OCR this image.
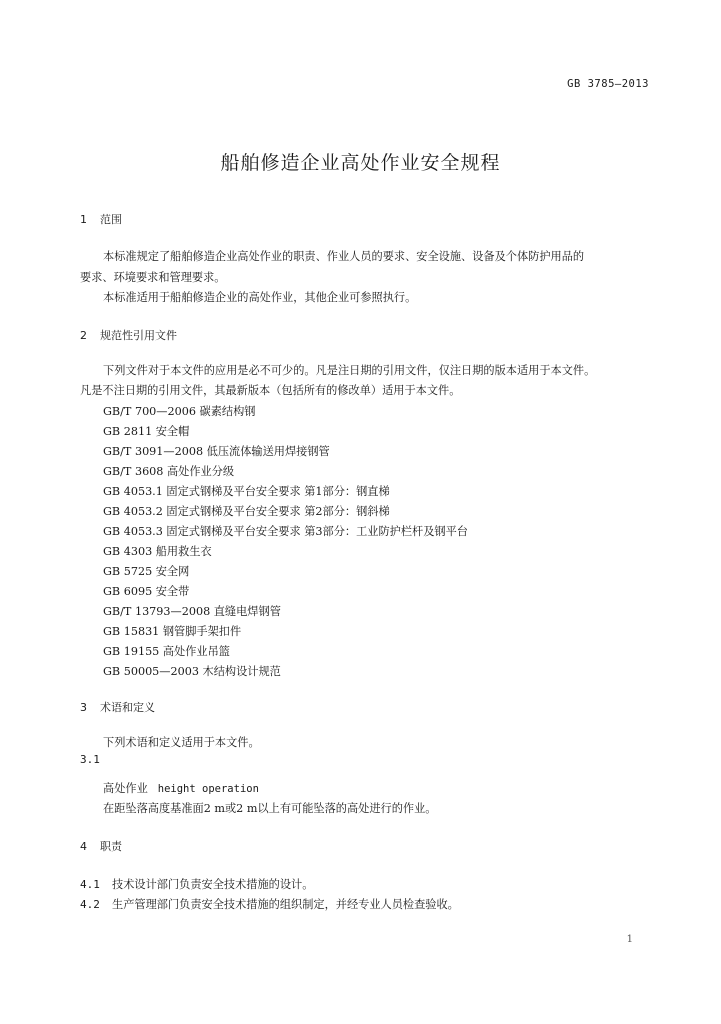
GB 3785—2013
船舶修造企业高处作业安全规程
1 范围
本标准规定了船舶修造企业高处作业的职责、作业人员的要求、安全设施、设备及个体防护用品的
要求、环境要求和管理要求。
本标准适用于船舶修造企业的高处作业，其他企业可参照执行。
2 规范性引用文件
下列文件对于本文件的应用是必不可少的。凡是注日期的引用文件，仅注日期的版本适用于本文件。
凡是不注日期的引用文件，其最新版本（包括所有的修改单）适用于本文件。
GB/T 700—2006 碳素结构钢
GB 2811 安全帽
GB/T 3091—2008 低压流体输送用焊接钢管
GB/T 3608 高处作业分级
GB 4053.1 固定式钢梯及平台安全要求 第1部分：钢直梯
GB 4053.2 固定式钢梯及平台安全要求 第2部分：钢斜梯
GB 4053.3 固定式钢梯及平台安全要求 第3部分：工业防护栏杆及钢平台
GB 4303 船用救生衣
GB 5725 安全网
GB 6095 安全带
GB/T 13793—2008 直缝电焊钢管
GB 15831 钢管脚手架扣件
GB 19155 高处作业吊篮
GB 50005—2003 木结构设计规范
3 术语和定义
下列术语和定义适用于本文件。
3.1
高处作业 height operation
在距坠落高度基准面2 m或2 m以上有可能坠落的高处进行的作业。
4 职责
4.1 技术设计部门负责安全技术措施的设计。
4.2 生产管理部门负责安全技术措施的组织制定，并经专业人员检查验收。
1
